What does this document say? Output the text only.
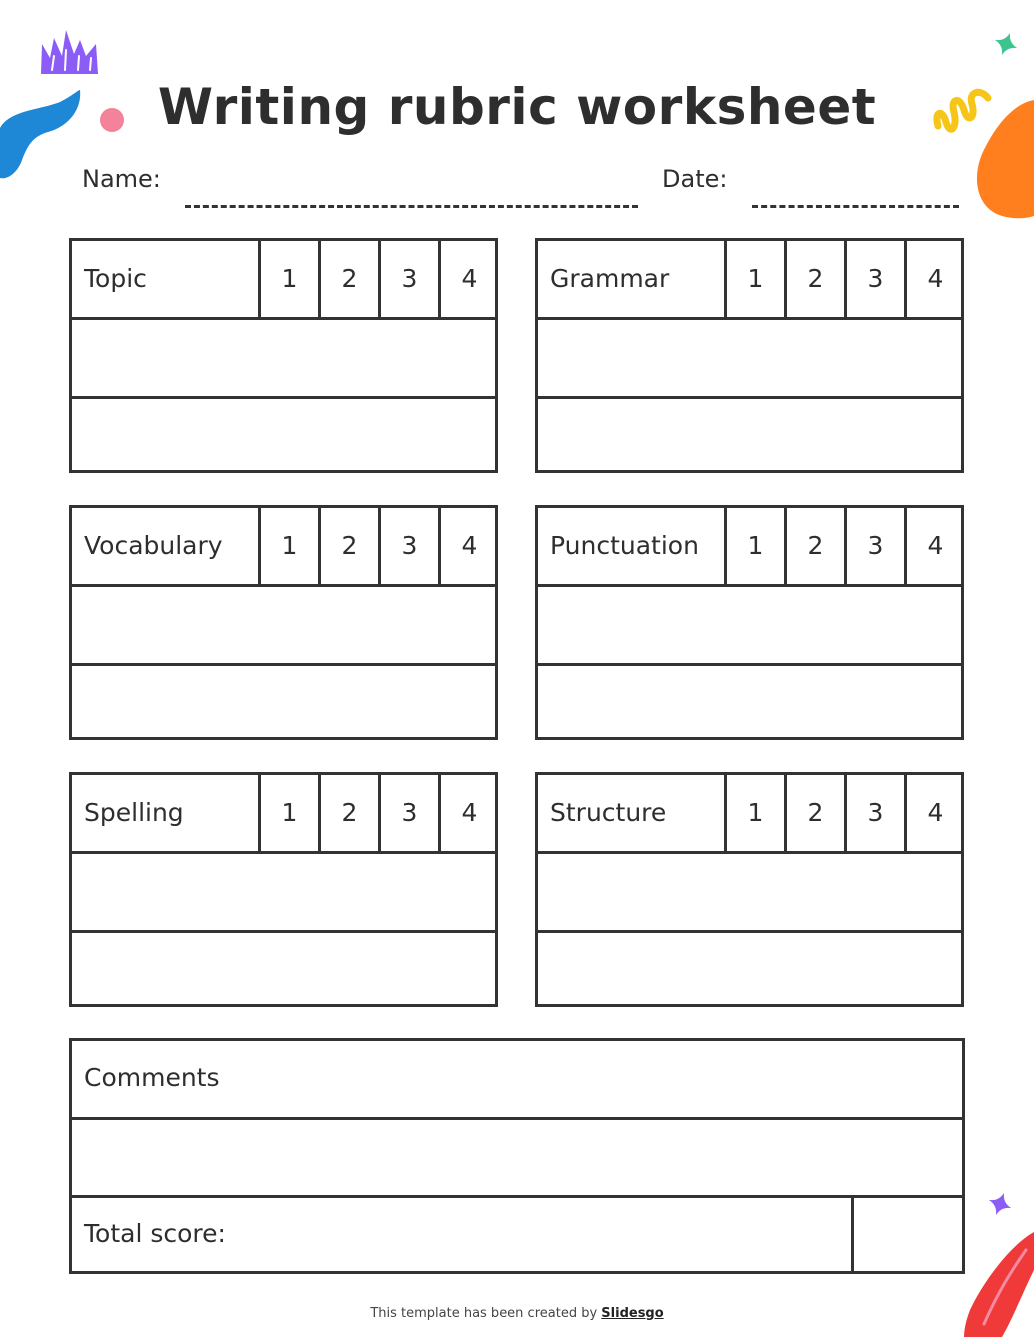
Writing rubric worksheet
Name:	Date:
Topic	1	2	3	4	Grammar	1	2	3	4
Vocabulary	1	2	3	4	Punctuation	1	2	3	4
Spelling	1	2	3	4	Structure	1	2	3	4
Comments
Total score:
This template has been created by Slidesgo
